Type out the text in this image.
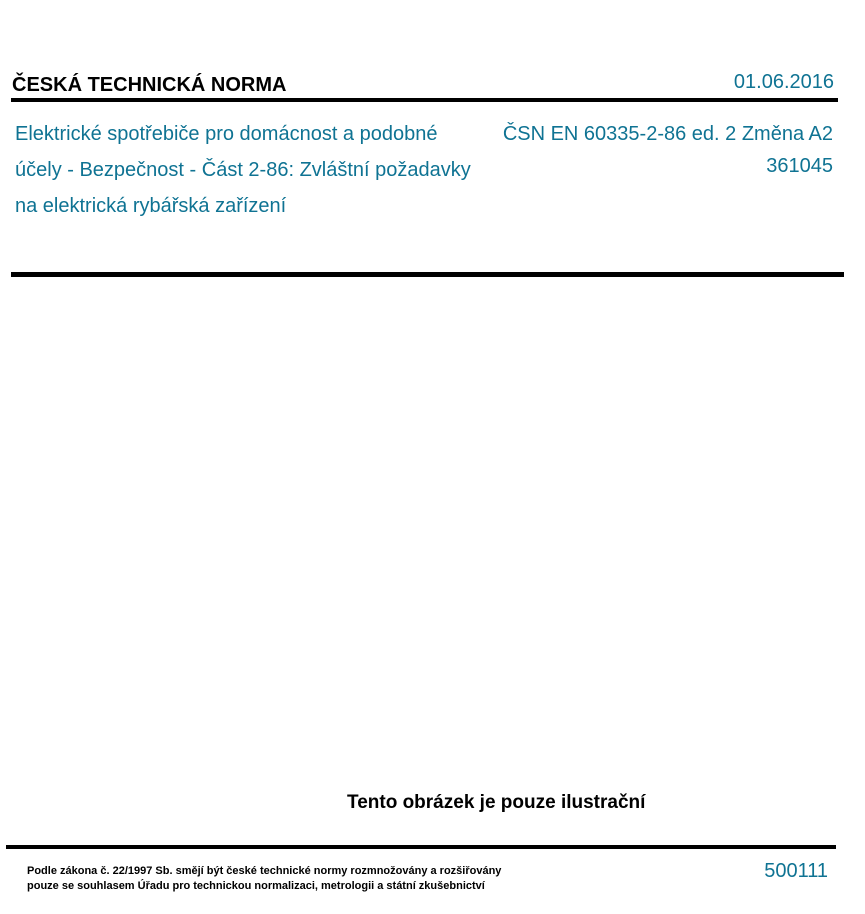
ČESKÁ TECHNICKÁ NORMA	01.06.2016
Elektrické spotřebiče pro domácnost a podobné
účely - Bezpečnost - Část 2-86: Zvláštní požadavky
na elektrická rybářská zařízení
ČSN EN 60335-2-86 ed. 2 Změna A2
361045
Tento obrázek je pouze ilustrační
Podle zákona č. 22/1997 Sb. smějí být české technické normy rozmnožovány a rozšiřovány
pouze se souhlasem Úřadu pro technickou normalizaci, metrologii a státní zkušebnictví
500111
